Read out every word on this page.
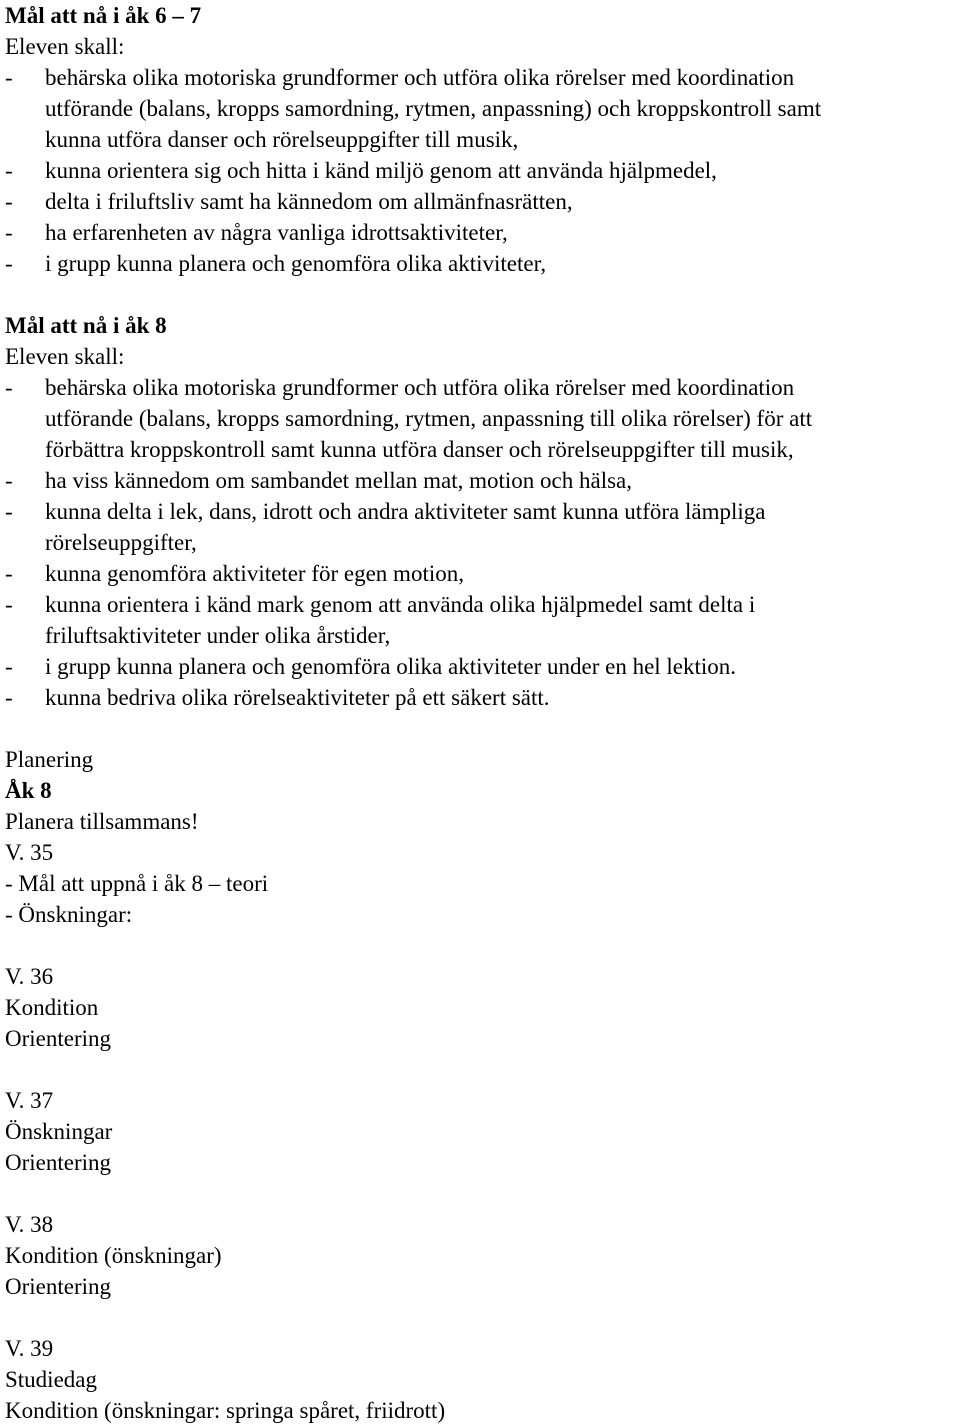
Mål att nå i åk 6 – 7
Eleven skall:
- behärska olika motoriska grundformer och utföra olika rörelser med koordination
utförande (balans, kropps samordning, rytmen, anpassning) och kroppskontroll samt
kunna utföra danser och rörelseuppgifter till musik,
- kunna orientera sig och hitta i känd miljö genom att använda hjälpmedel,
- delta i friluftsliv samt ha kännedom om allmänfnasrätten,
- ha erfarenheten av några vanliga idrottsaktiviteter,
- i grupp kunna planera och genomföra olika aktiviteter,
Mål att nå i åk 8
Eleven skall:
- behärska olika motoriska grundformer och utföra olika rörelser med koordination
utförande (balans, kropps samordning, rytmen, anpassning till olika rörelser) för att
förbättra kroppskontroll samt kunna utföra danser och rörelseuppgifter till musik,
- ha viss kännedom om sambandet mellan mat, motion och hälsa,
- kunna delta i lek, dans, idrott och andra aktiviteter samt kunna utföra lämpliga
rörelseuppgifter,
- kunna genomföra aktiviteter för egen motion,
- kunna orientera i känd mark genom att använda olika hjälpmedel samt delta i
friluftsaktiviteter under olika årstider,
- i grupp kunna planera och genomföra olika aktiviteter under en hel lektion.
- kunna bedriva olika rörelseaktiviteter på ett säkert sätt.
Planering
Åk 8
Planera tillsammans!
V. 35
- Mål att uppnå i åk 8 – teori
- Önskningar:
V. 36
Kondition
Orientering
V. 37
Önskningar
Orientering
V. 38
Kondition (önskningar)
Orientering
V. 39
Studiedag
Kondition (önskningar: springa spåret, friidrott)
